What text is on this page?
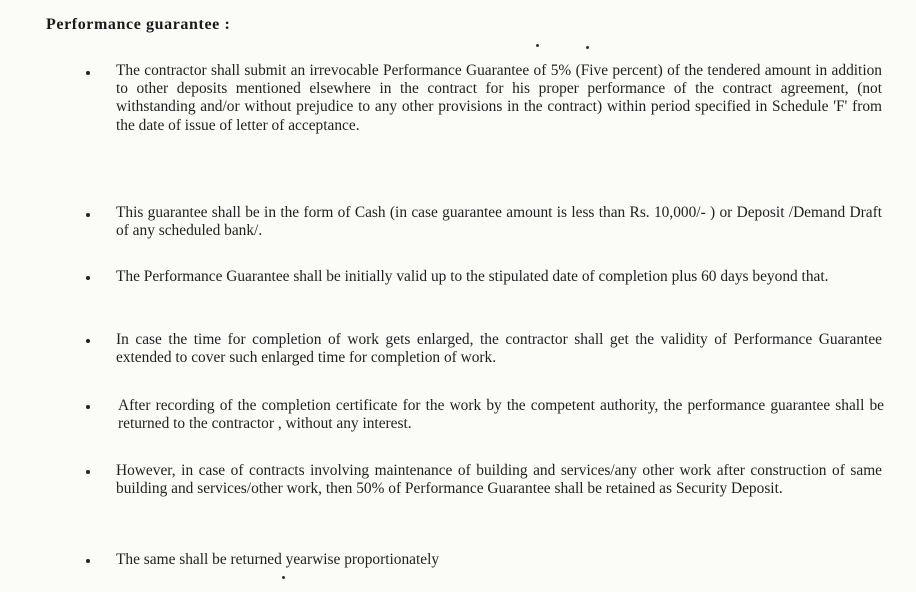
Performance guarantee :
The contractor shall submit an irrevocable Performance Guarantee of 5% (Five percent) of the tendered amount in addition to other deposits mentioned elsewhere in the contract for his proper performance of the contract agreement, (not withstanding and/or without prejudice to any other provisions in the contract) within period specified in Schedule 'F' from the date of issue of letter of acceptance.
This guarantee shall be in the form of Cash (in case guarantee amount is less than Rs. 10,000/- ) or Deposit /Demand Draft of any scheduled bank/.
The Performance Guarantee shall be initially valid up to the stipulated date of completion plus 60 days beyond that.
In case the time for completion of work gets enlarged, the contractor shall get the validity of Performance Guarantee extended to cover such enlarged time for completion of work.
After recording of the completion certificate for the work by the competent authority, the performance guarantee shall be returned to the contractor , without any interest.
However, in case of contracts involving maintenance of building and services/any other work after construction of same building and services/other work, then 50% of Performance Guarantee shall be retained as Security Deposit.
The same shall be returned yearwise proportionately
